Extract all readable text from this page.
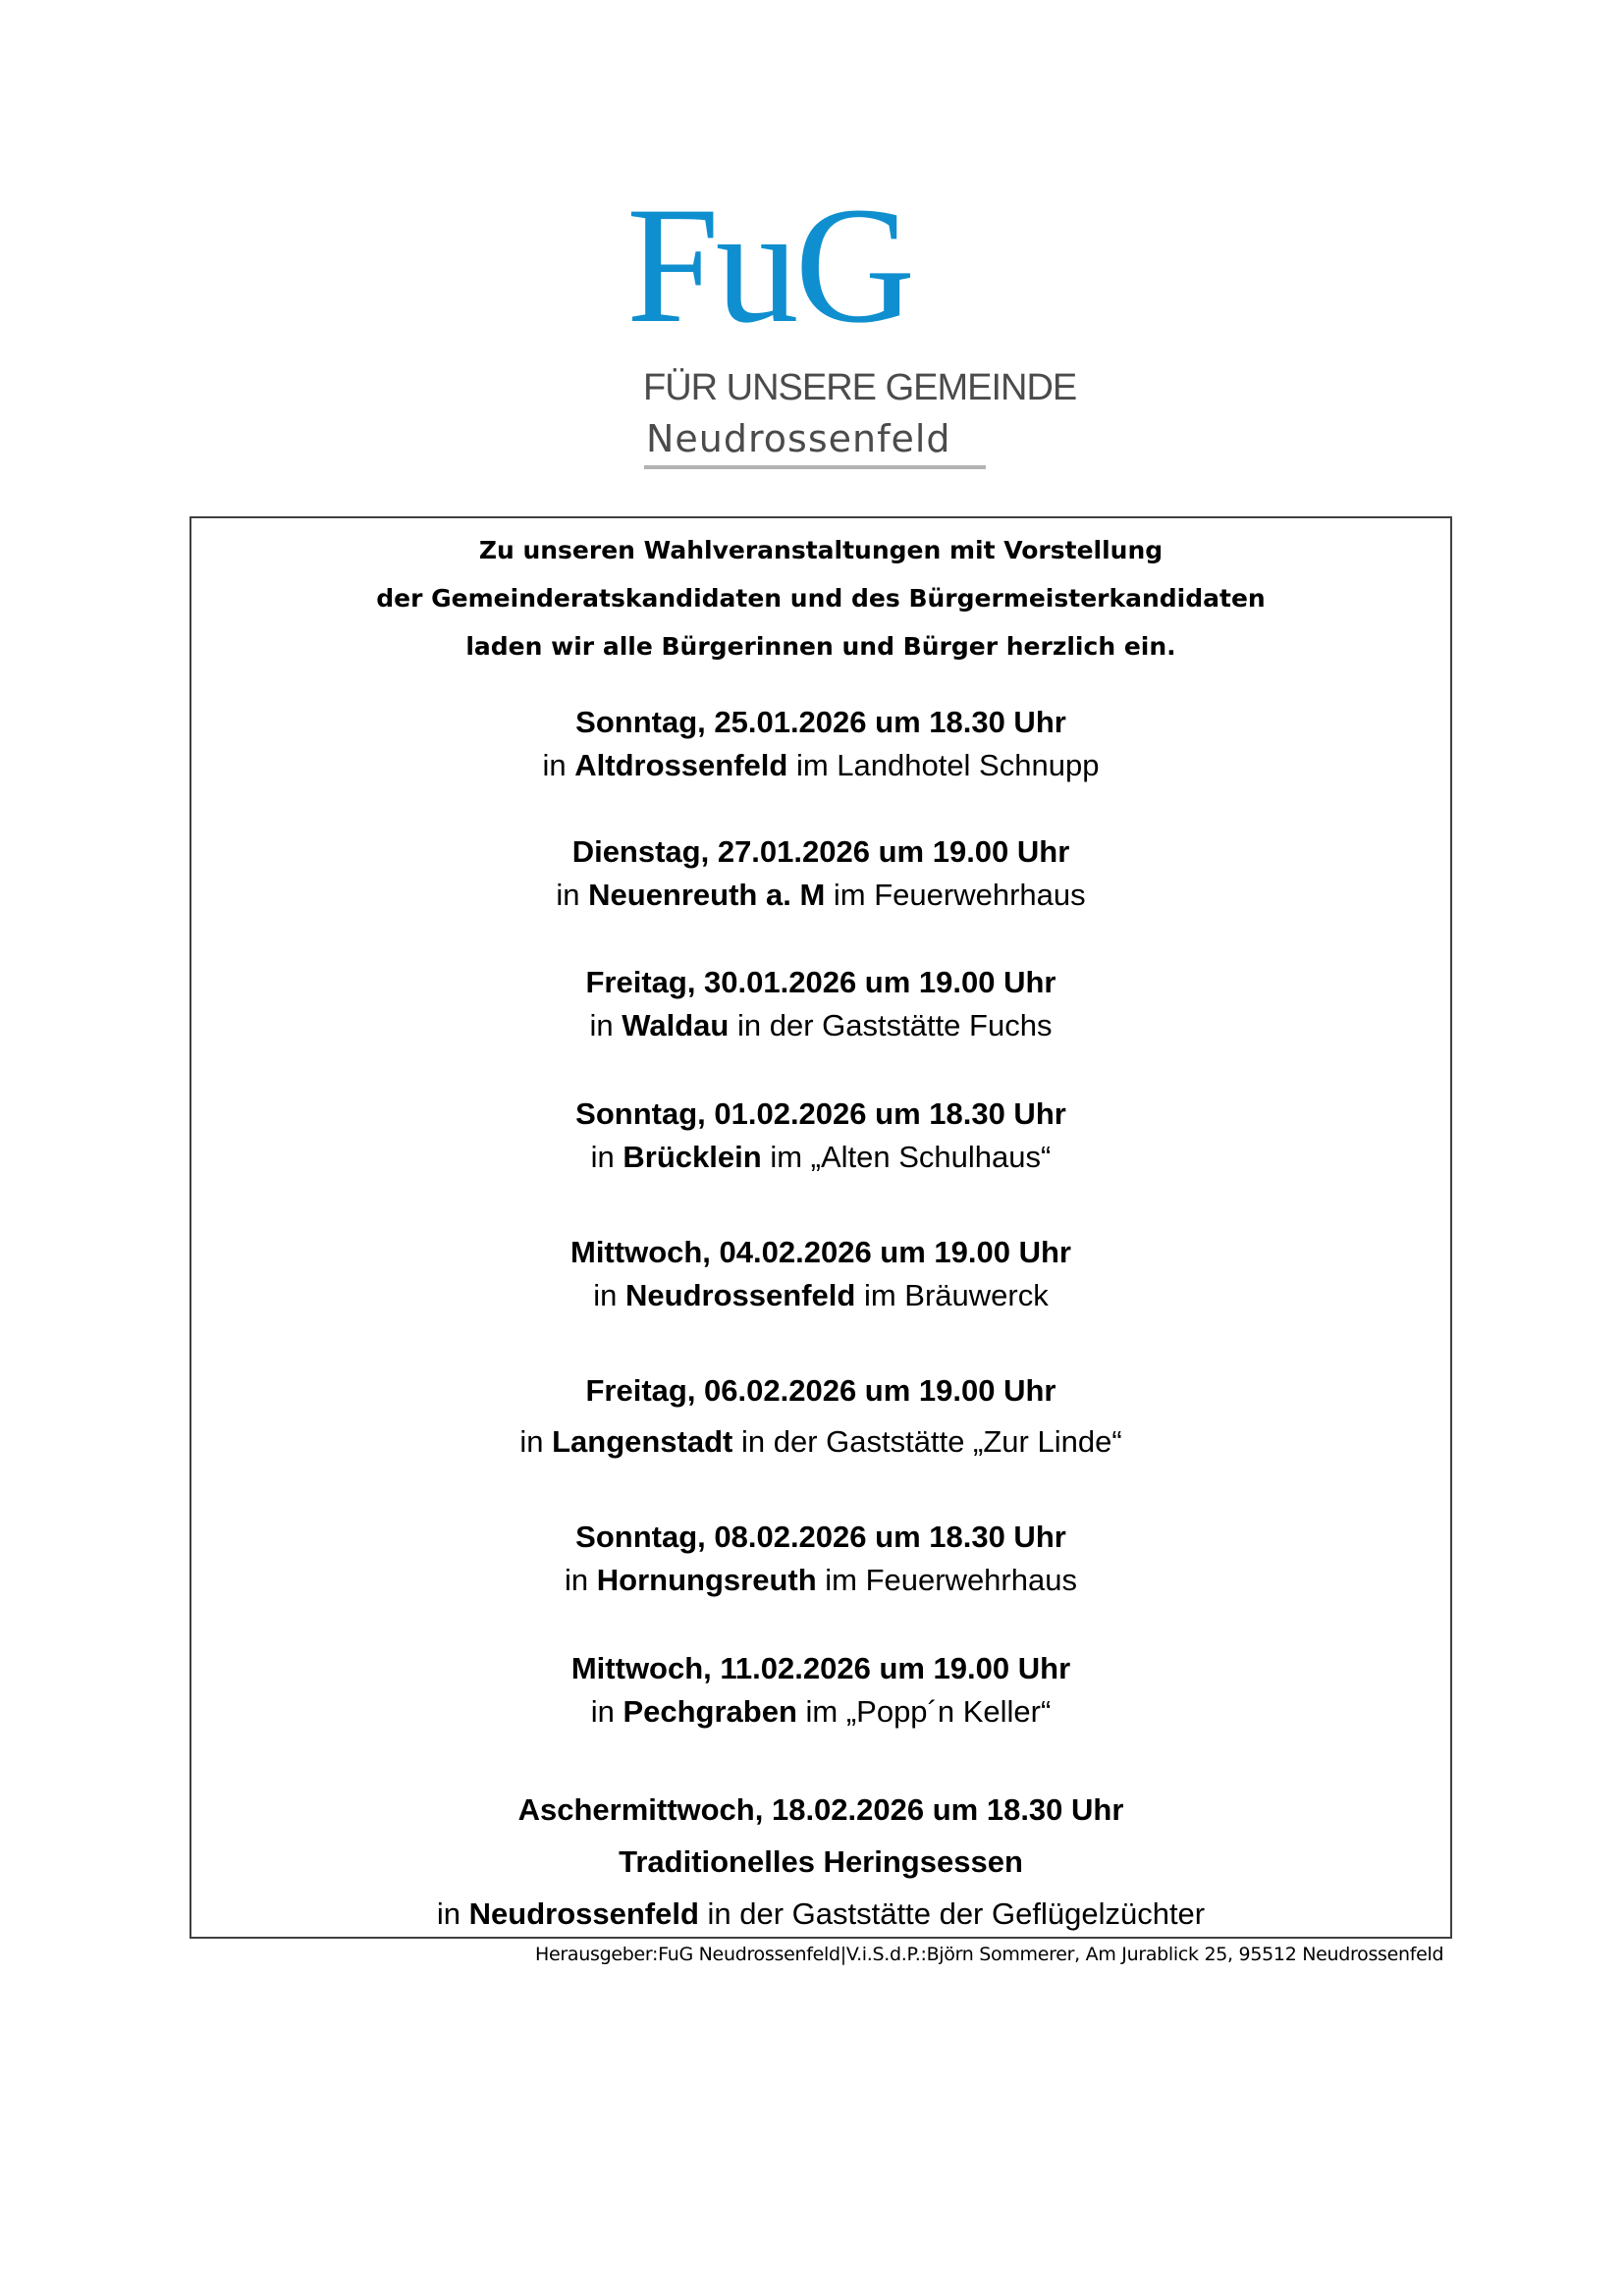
FuG
FÜR UNSERE GEMEINDE
Neudrossenfeld
Zu unseren Wahlveranstaltungen mit Vorstellung
der Gemeinderatskandidaten und des Bürgermeisterkandidaten
laden wir alle Bürgerinnen und Bürger herzlich ein.
Sonntag, 25.01.2026 um 18.30 Uhr
in Altdrossenfeld im Landhotel Schnupp
Dienstag, 27.01.2026 um 19.00 Uhr
in Neuenreuth a. M im Feuerwehrhaus
Freitag, 30.01.2026 um 19.00 Uhr
in Waldau in der Gaststätte Fuchs
Sonntag, 01.02.2026 um 18.30 Uhr
in Brücklein im „Alten Schulhaus“
Mittwoch, 04.02.2026 um 19.00 Uhr
in Neudrossenfeld im Bräuwerck
Freitag, 06.02.2026 um 19.00 Uhr
in Langenstadt in der Gaststätte „Zur Linde“
Sonntag, 08.02.2026 um 18.30 Uhr
in Hornungsreuth im Feuerwehrhaus
Mittwoch, 11.02.2026 um 19.00 Uhr
in Pechgraben im „Popp´n Keller“
Aschermittwoch, 18.02.2026 um 18.30 Uhr
Traditionelles Heringsessen
in Neudrossenfeld in der Gaststätte der Geflügelzüchter
Herausgeber:FuG Neudrossenfeld|V.i.S.d.P.:Björn Sommerer, Am Jurablick 25, 95512 Neudrossenfeld
